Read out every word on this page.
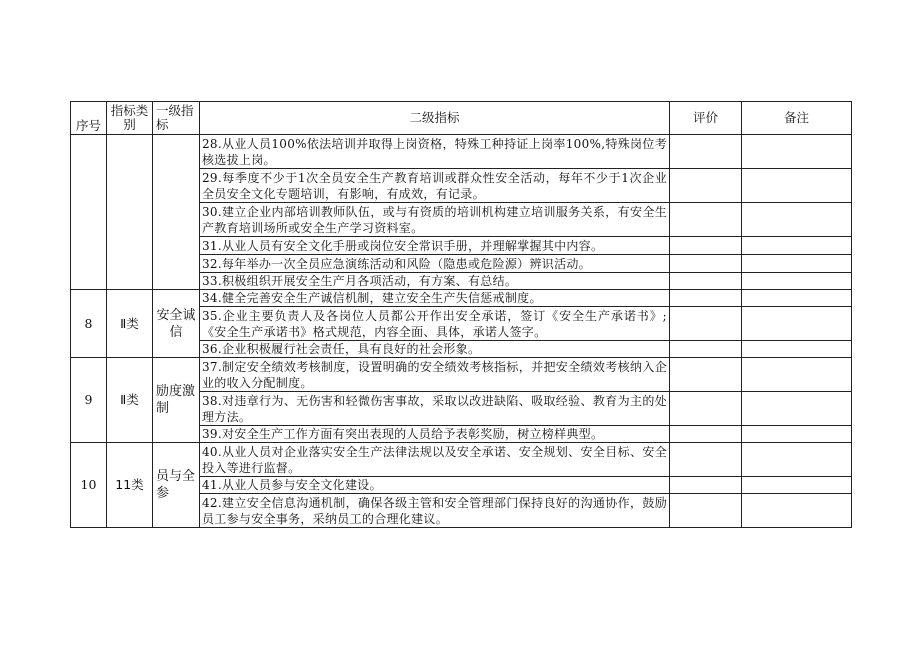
序号	指标类别	一级指标	二级指标	评价	备注
			28.从业人员100%依法培训并取得上岗资格，特殊工种持证上岗率100%,特殊岗位考核选拔上岗。		
			29.每季度不少于1次全员安全生产教育培训或群众性安全活动，每年不少于1次企业全员安全文化专题培训，有影响，有成效，有记录。		
			30.建立企业内部培训教师队伍，或与有资质的培训机构建立培训服务关系，有安全生产教育培训场所或安全生产学习资料室。		
			31.从业人员有安全文化手册或岗位安全常识手册，并理解掌握其中内容。		
			32.每年举办一次全员应急演练活动和风险（隐患或危险源）辨识活动。		
			33.积极组织开展安全生产月各项活动，有方案、有总结。		
8	Ⅱ类	安全诚信	34.健全完善安全生产诚信机制，建立安全生产失信惩戒制度。		
			35.企业主要负责人及各岗位人员都公开作出安全承诺，签订《安全生产承诺书》;《安全生产承诺书》格式规范，内容全面、具体，承诺人签字。		
			36.企业积极履行社会责任，具有良好的社会形象。		
9	Ⅱ类	励度激制	37.制定安全绩效考核制度，设置明确的安全绩效考核指标，并把安全绩效考核纳入企业的收入分配制度。		
			38.对违章行为、无伤害和轻微伤害事故，采取以改进缺陷、吸取经验、教育为主的处理方法。		
			39.对安全生产工作方面有突出表现的人员给予表彰奖励，树立榜样典型。		
10	11类	员与全参	40.从业人员对企业落实安全生产法律法规以及安全承诺、安全规划、安全目标、安全投入等进行监督。		
			41.从业人员参与安全文化建设。		
			42.建立安全信息沟通机制，确保各级主管和安全管理部门保持良好的沟通协作，鼓励员工参与安全事务，采纳员工的合理化建议。		
